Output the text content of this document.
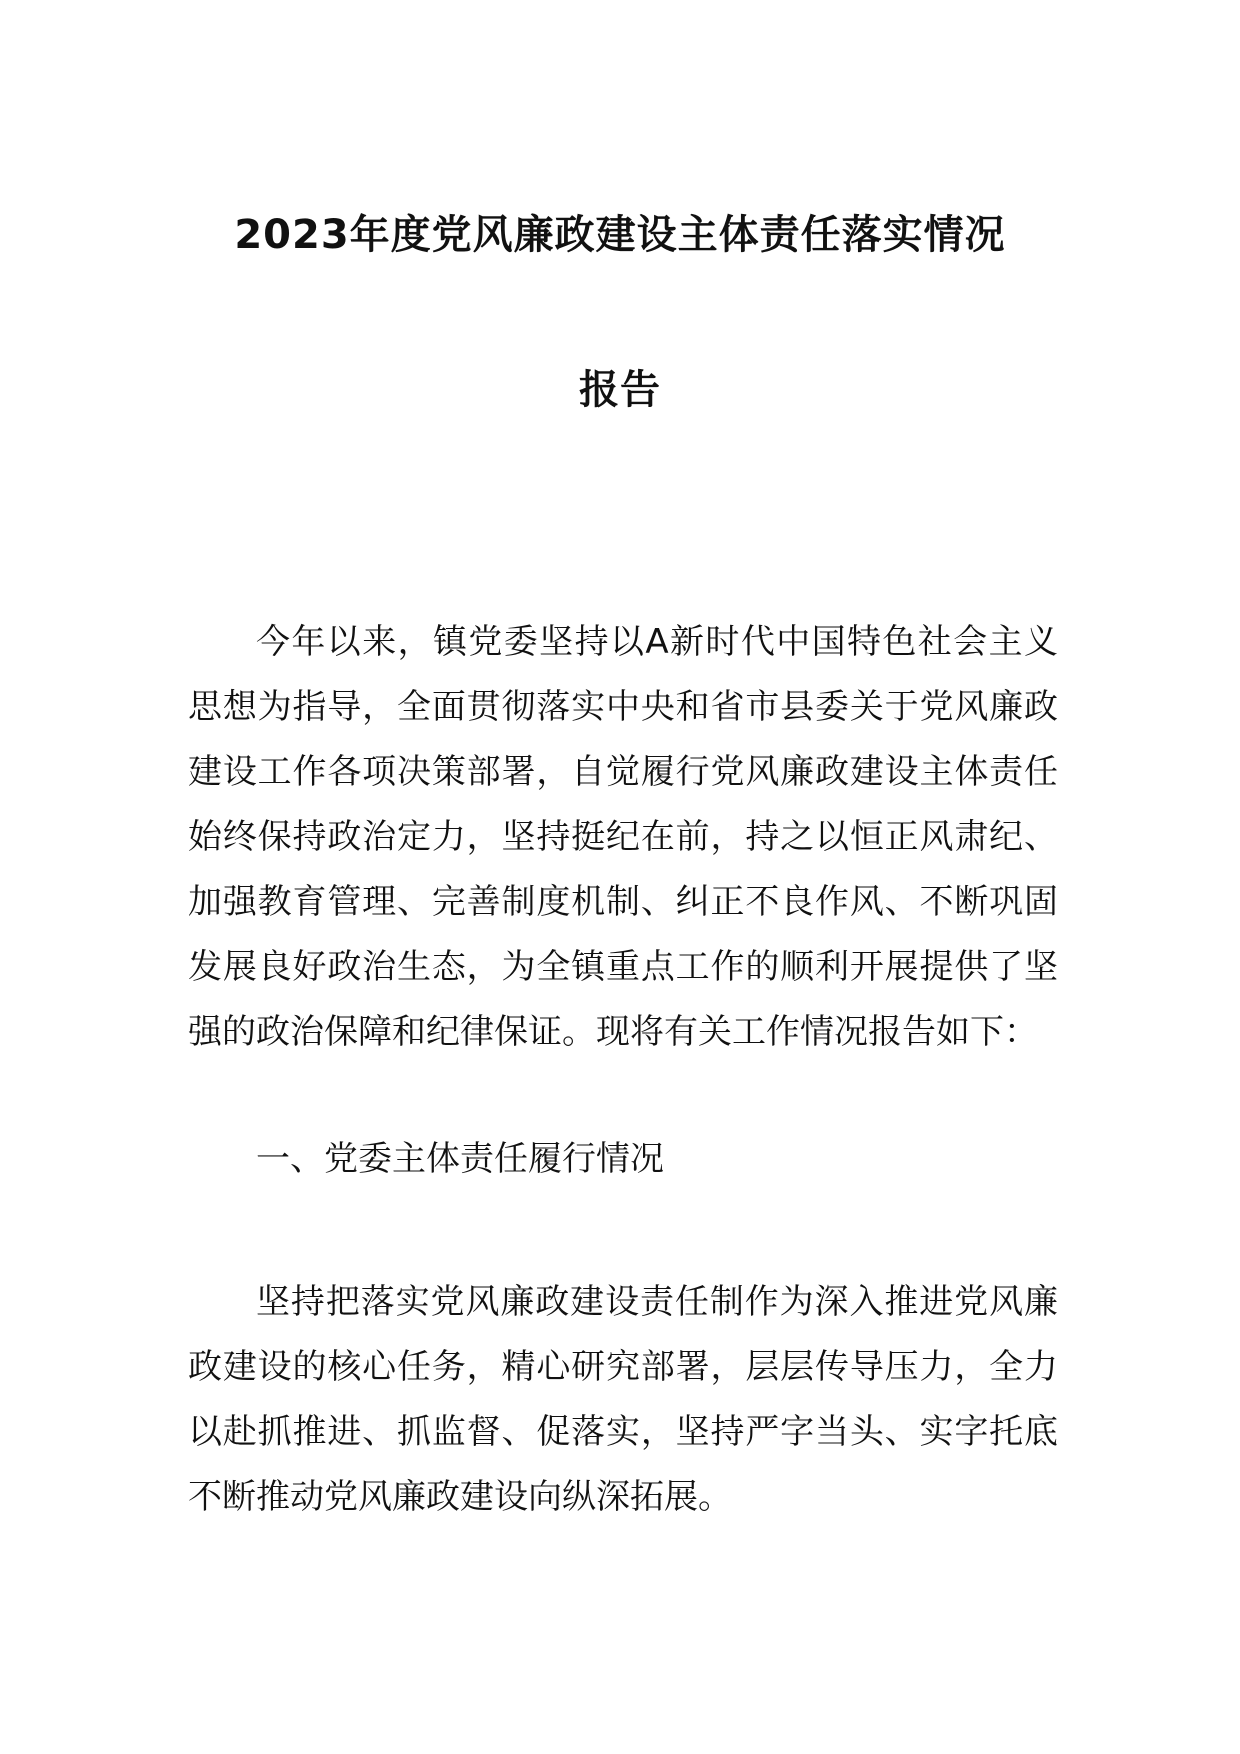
2023年度党风廉政建设主体责任落实情况
报告

今年以来，镇党委坚持以A新时代中国特色社会主义思想为指导，全面贯彻落实中央和省市县委关于党风廉政建设工作各项决策部署，自觉履行党风廉政建设主体责任始终保持政治定力，坚持挺纪在前，持之以恒正风肃纪、加强教育管理、完善制度机制、纠正不良作风、不断巩固发展良好政治生态，为全镇重点工作的顺利开展提供了坚强的政治保障和纪律保证。现将有关工作情况报告如下：

一、党委主体责任履行情况

坚持把落实党风廉政建设责任制作为深入推进党风廉政建设的核心任务，精心研究部署，层层传导压力，全力以赴抓推进、抓监督、促落实，坚持严字当头、实字托底不断推动党风廉政建设向纵深拓展。
